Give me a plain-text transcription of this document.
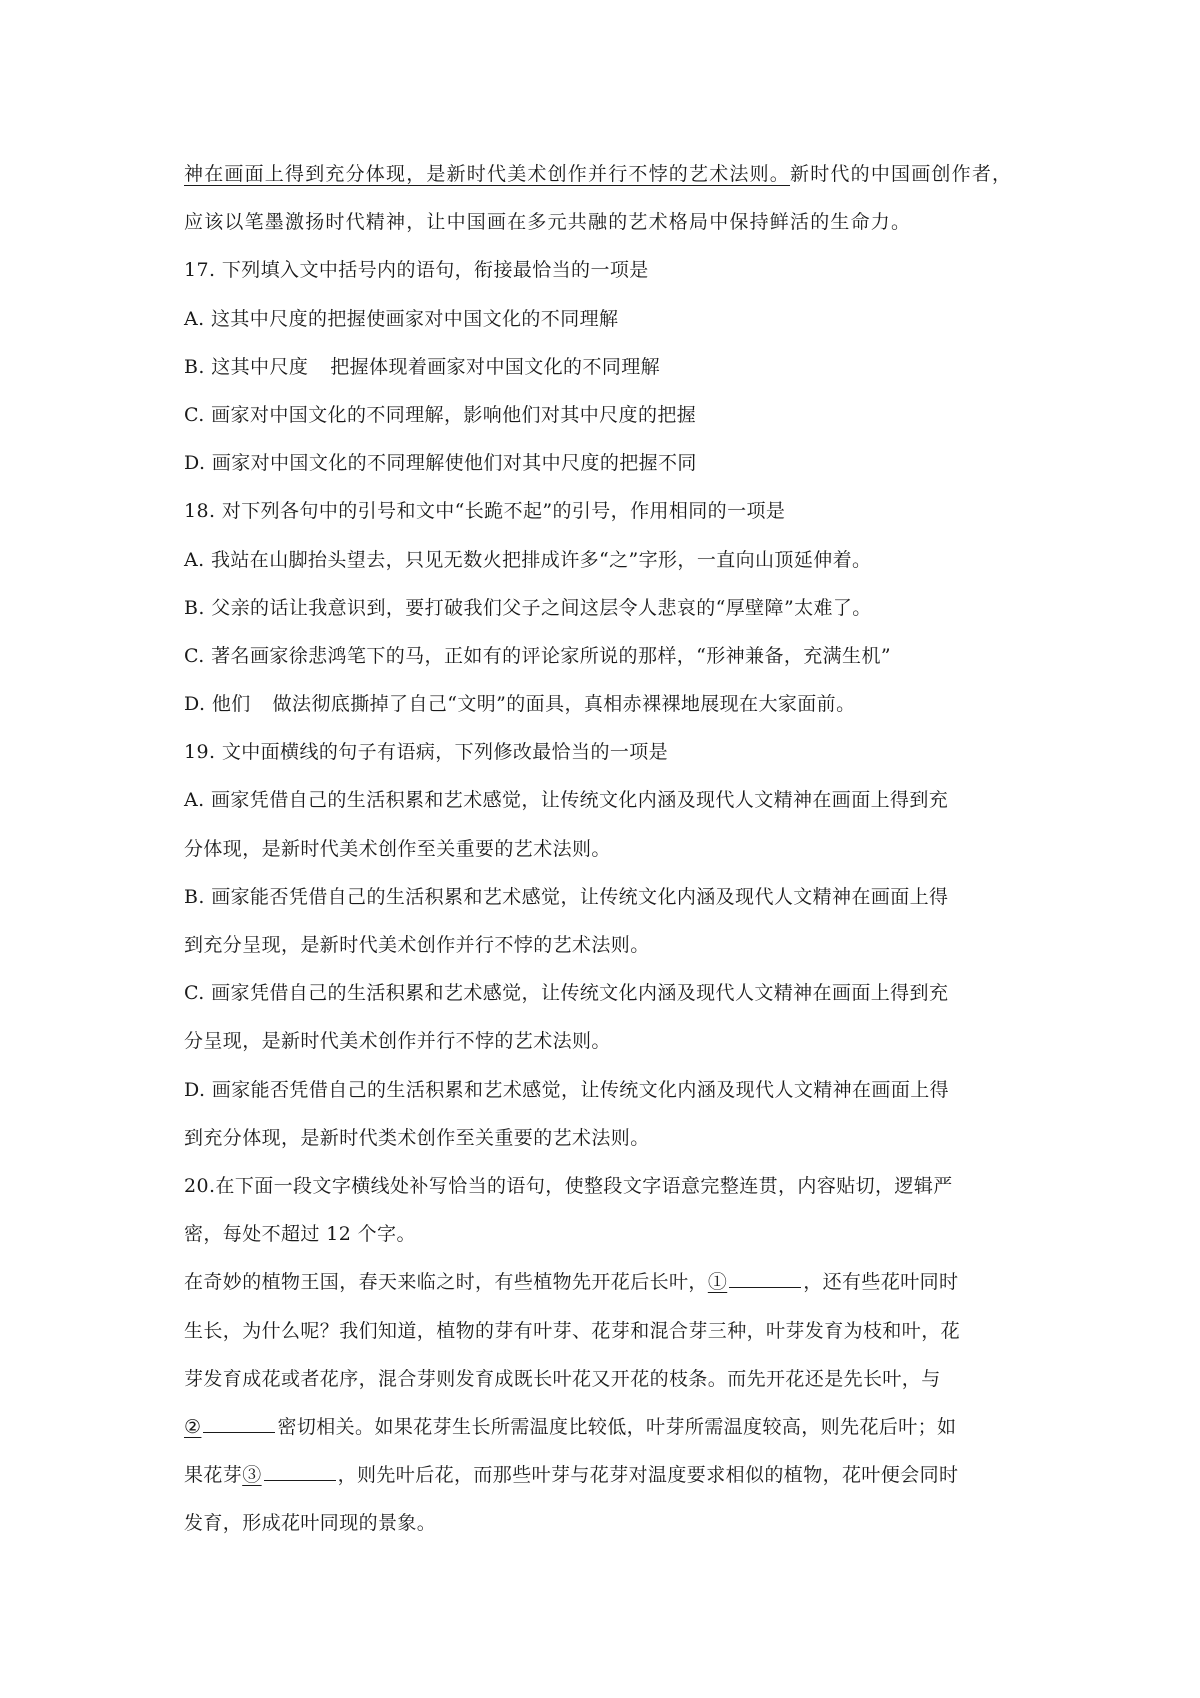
神在画面上得到充分体现，是新时代美术创作并行不悖的艺术法则。新时代的中国画创作者，
应该以笔墨激扬时代精神，让中国画在多元共融的艺术格局中保持鲜活的生命力。
17. 下列填入文中括号内的语句，衔接最恰当的一项是
A. 这其中尺度的把握使画家对中国文化的不同理解
B. 这其中尺度 把握体现着画家对中国文化的不同理解
C. 画家对中国文化的不同理解，影响他们对其中尺度的把握
D. 画家对中国文化的不同理解使他们对其中尺度的把握不同
18. 对下列各句中的引号和文中“长跪不起”的引号，作用相同的一项是
A. 我站在山脚抬头望去，只见无数火把排成许多“之”字形，一直向山顶延伸着。
B. 父亲的话让我意识到，要打破我们父子之间这层令人悲哀的“厚壁障”太难了。
C. 著名画家徐悲鸿笔下的马，正如有的评论家所说的那样，“形神兼备，充满生机”
D. 他们 做法彻底撕掉了自己“文明”的面具，真相赤裸裸地展现在大家面前。
19. 文中面横线的句子有语病，下列修改最恰当的一项是
A. 画家凭借自己的生活积累和艺术感觉，让传统文化内涵及现代人文精神在画面上得到充
分体现，是新时代美术创作至关重要的艺术法则。
B. 画家能否凭借自己的生活积累和艺术感觉，让传统文化内涵及现代人文精神在画面上得
到充分呈现，是新时代美术创作并行不悖的艺术法则。
C. 画家凭借自己的生活积累和艺术感觉，让传统文化内涵及现代人文精神在画面上得到充
分呈现，是新时代美术创作并行不悖的艺术法则。
D. 画家能否凭借自己的生活积累和艺术感觉，让传统文化内涵及现代人文精神在画面上得
到充分体现，是新时代类术创作至关重要的艺术法则。
20.在下面一段文字横线处补写恰当的语句，使整段文字语意完整连贯，内容贴切，逻辑严
密，每处不超过 12 个字。
在奇妙的植物王国，春天来临之时，有些植物先开花后长叶，①	，还有些花叶同时
生长，为什么呢？我们知道，植物的芽有叶芽、花芽和混合芽三种，叶芽发育为枝和叶，花
芽发育成花或者花序，混合芽则发育成既长叶花又开花的枝条。而先开花还是先长叶，与
②	密切相关。如果花芽生长所需温度比较低，叶芽所需温度较高，则先花后叶；如
果花芽③	，则先叶后花，而那些叶芽与花芽对温度要求相似的植物，花叶便会同时
发育，形成花叶同现的景象。
